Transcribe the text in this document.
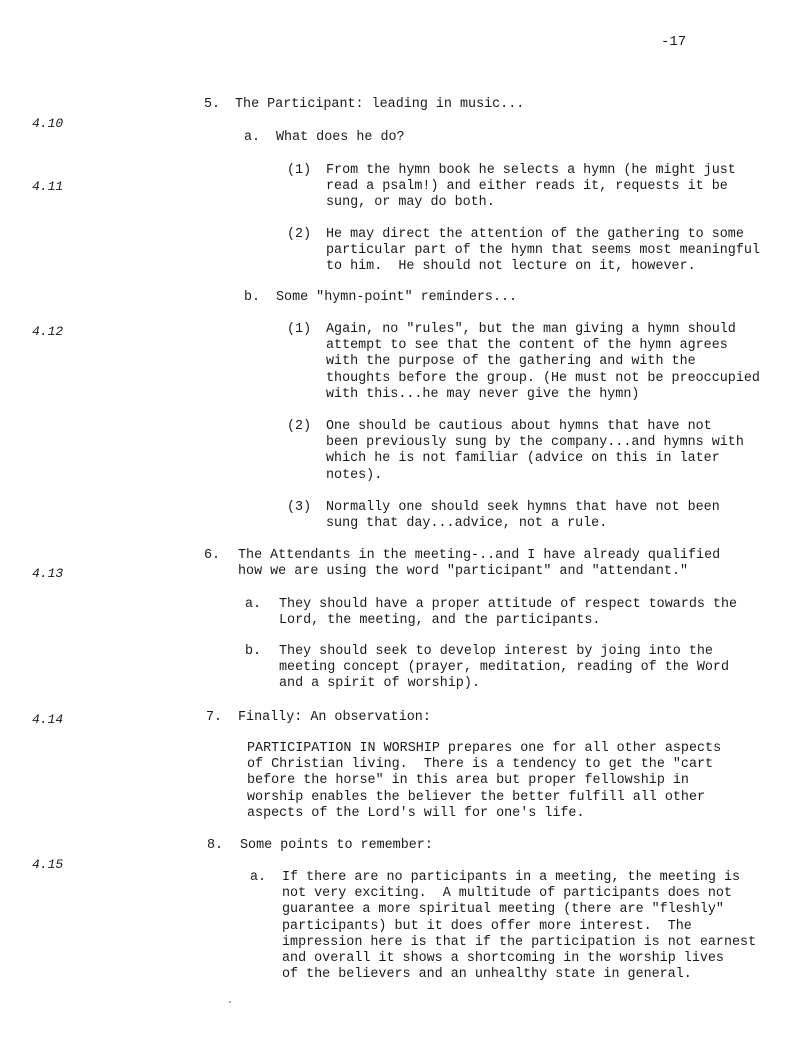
-17
4.10
4.11
4.12
4.13
4.14
4.15
5. The Participant: leading in music...
a. What does he do?
(1) From the hymn book he selects a hymn (he might just
read a psalm!) and either reads it, requests it be
sung, or may do both.
(2) He may direct the attention of the gathering to some
particular part of the hymn that seems most meaningful
to him.  He should not lecture on it, however.
b. Some "hymn-point" reminders...
(1) Again, no "rules", but the man giving a hymn should
attempt to see that the content of the hymn agrees
with the purpose of the gathering and with the
thoughts before the group. (He must not be preoccupied
with this...he may never give the hymn)
(2) One should be cautious about hymns that have not
been previously sung by the company...and hymns with
which he is not familiar (advice on this in later
notes).
(3) Normally one should seek hymns that have not been
sung that day...advice, not a rule.
6. The Attendants in the meeting-..and I have already qualified
how we are using the word "participant" and "attendant."
a. They should have a proper attitude of respect towards the
Lord, the meeting, and the participants.
b. They should seek to develop interest by joing into the
meeting concept (prayer, meditation, reading of the Word
and a spirit of worship).
7. Finally: An observation:
PARTICIPATION IN WORSHIP prepares one for all other aspects
of Christian living.  There is a tendency to get the "cart
before the horse" in this area but proper fellowship in
worship enables the believer the better fulfill all other
aspects of the Lord's will for one's life.
8. Some points to remember:
a. If there are no participants in a meeting, the meeting is
not very exciting.  A multitude of participants does not
guarantee a more spiritual meeting (there are "fleshly"
participants) but it does offer more interest.  The
impression here is that if the participation is not earnest
and overall it shows a shortcoming in the worship lives
of the believers and an unhealthy state in general.
